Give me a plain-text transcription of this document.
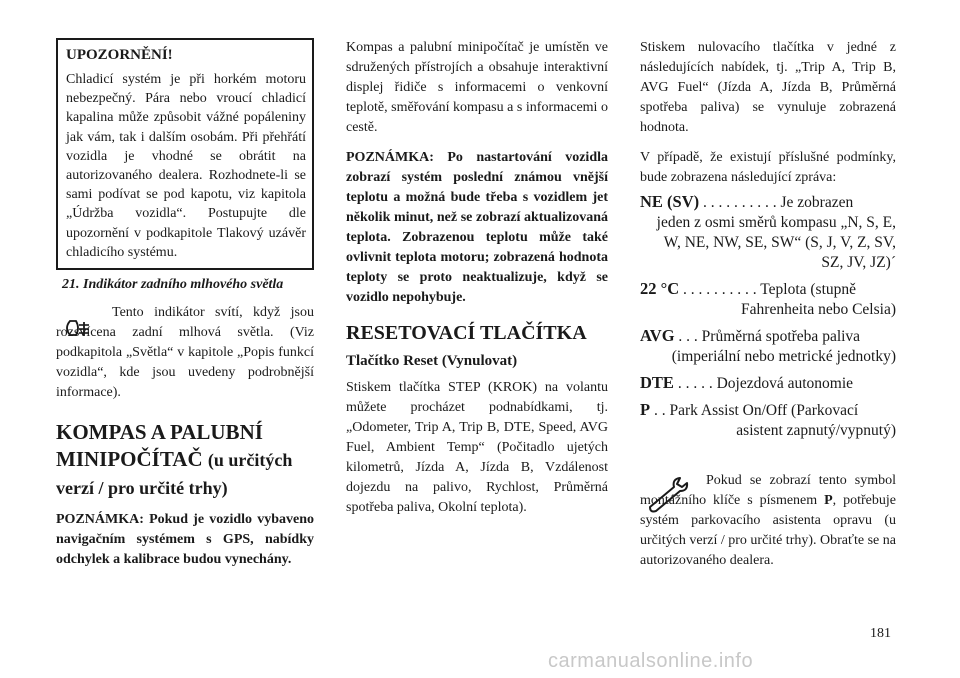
UPOZORNĚNÍ!

Chladicí systém je při horkém motoru nebezpečný. Pára nebo vroucí chladicí kapalina může způsobit vážné popáleniny jak vám, tak i dalším osobám. Při přehřátí vozidla je vhodné se obrátit na autorizovaného dealera. Rozhodnete-li se sami podívat se pod kapotu, viz kapitola „Údržba vozidla“. Postupujte dle upozornění v podkapitole Tlakový uzávěr chladicího systému.

21. Indikátor zadního mlhového světla

Tento indikátor svítí, když jsou rozsvícena zadní mlhová světla. (Viz podkapitola „Světla“ v kapitole „Popis funkcí vozidla“, kde jsou uvedeny podrobnější informace).

KOMPAS A PALUBNÍ MINIPOČÍTAČ (u určitých verzí / pro určité trhy)

POZNÁMKA: Pokud je vozidlo vybaveno navigačním systémem s GPS, nabídky odchylek a kalibrace budou vynechány.

Kompas a palubní minipočítač je umístěn ve sdružených přístrojích a obsahuje interaktivní displej řidiče s informacemi o venkovní teplotě, směřování kompasu a s informacemi o cestě.

POZNÁMKA: Po nastartování vozidla zobrazí systém poslední známou vnější teplotu a možná bude třeba s vozidlem jet několik minut, než se zobrazí aktualizovaná teplota. Zobrazenou teplotu může také ovlivnit teplota motoru; zobrazená hodnota teploty se proto neaktualizuje, když se vozidlo nepohybuje.

RESETOVACÍ TLAČÍTKA
Tlačítko Reset (Vynulovat)

Stiskem tlačítka STEP (KROK) na volantu můžete procházet podnabídkami, tj. „Odometer, Trip A, Trip B, DTE, Speed, AVG Fuel, Ambient Temp“ (Počitadlo ujetých kilometrů, Jízda A, Jízda B, Vzdálenost dojezdu na palivo, Rychlost, Průměrná spotřeba paliva, Okolní teplota).

Stiskem nulovacího tlačítka v jedné z následujících nabídek, tj. „Trip A, Trip B, AVG Fuel“ (Jízda A, Jízda B, Průměrná spotřeba paliva) se vynuluje zobrazená hodnota.

V případě, že existují příslušné podmínky, bude zobrazena následující zpráva:

NE (SV) . . . . . . . . . . Je zobrazen
jeden z osmi směrů kompasu „N, S, E, W, NE, NW, SE, SW“ (S, J, V, Z, SV, SZ, JV, JZ)´
22 °C . . . . . . . . . . Teplota (stupně
Fahrenheita nebo Celsia)
AVG . . . Průměrná spotřeba paliva
(imperiální nebo metrické jednotky)
DTE . . . . . Dojezdová autonomie
P . . Park Assist On/Off (Parkovací
asistent zapnutý/vypnutý)

Pokud se zobrazí tento symbol montážního klíče s písmenem P, potřebuje systém parkovacího asistenta opravu (u určitých verzí / pro určité trhy). Obraťte se na autorizovaného dealera.

181
carmanualsonline.info
